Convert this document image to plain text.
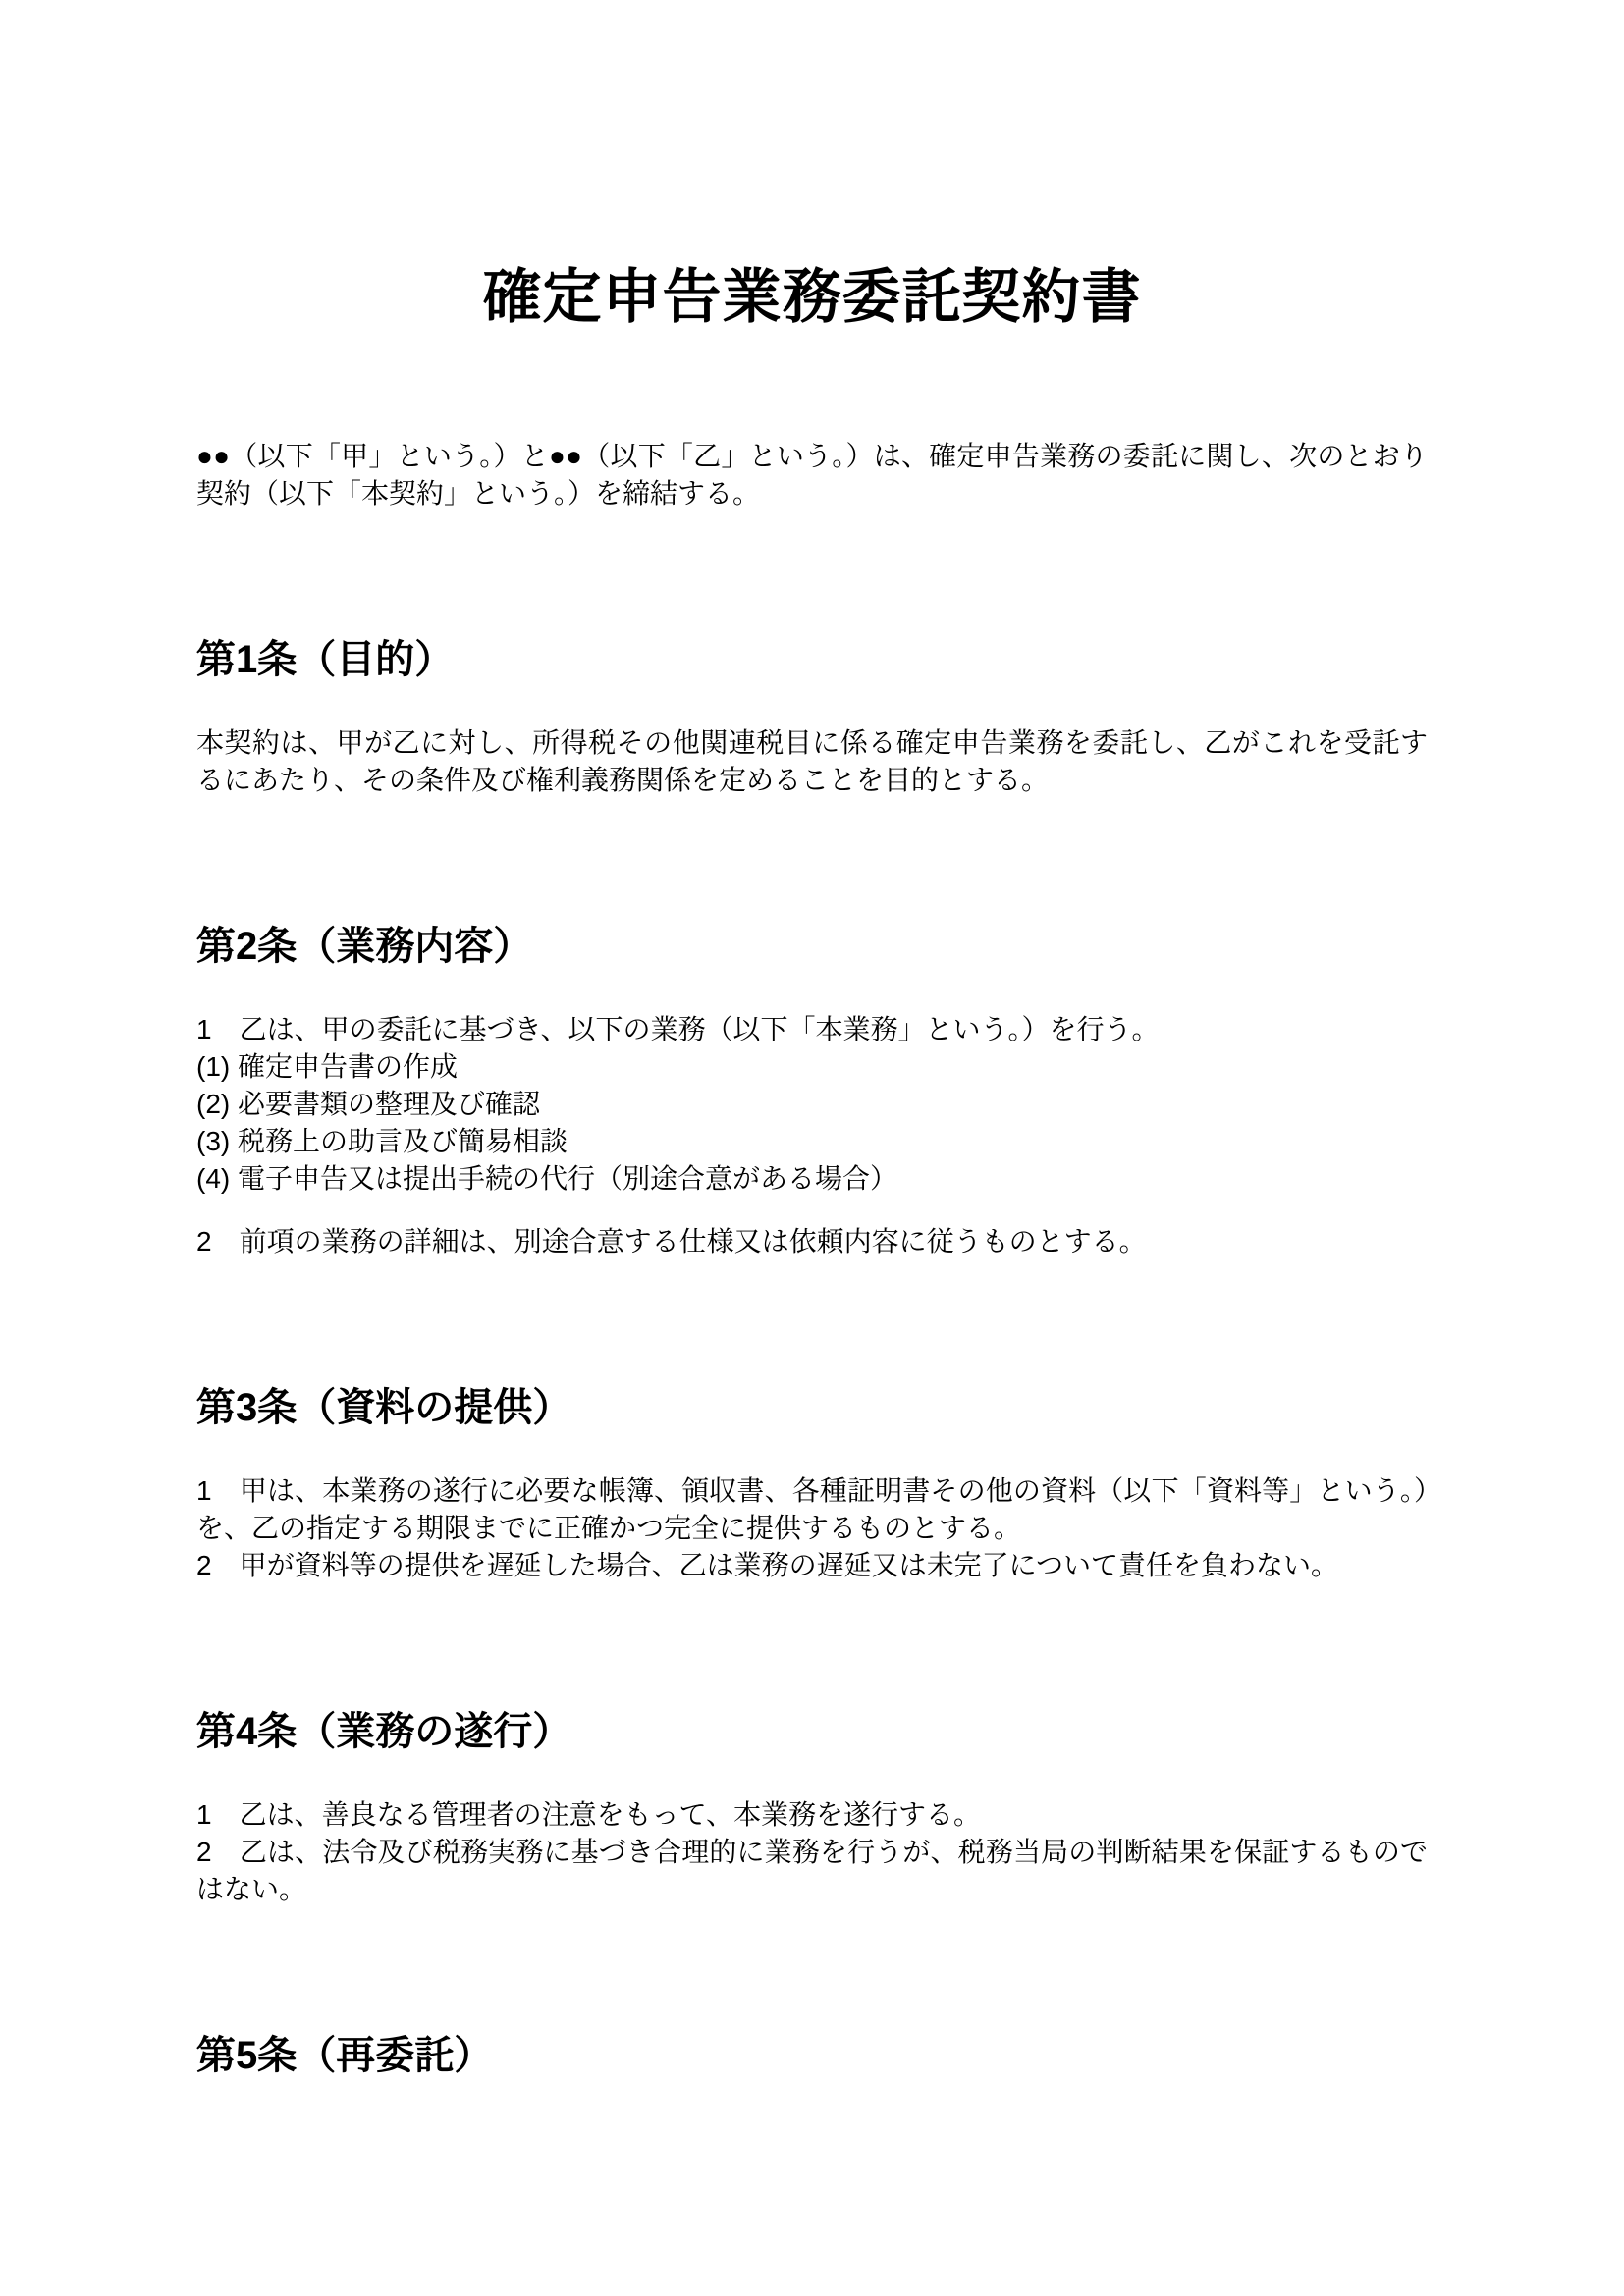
確定申告業務委託契約書

●●（以下「甲」という。）と●●（以下「乙」という。）は、確定申告業務の委託に関し、次のとおり契約（以下「本契約」という。）を締結する。

第1条（目的）

本契約は、甲が乙に対し、所得税その他関連税目に係る確定申告業務を委託し、乙がこれを受託するにあたり、その条件及び権利義務関係を定めることを目的とする。

第2条（業務内容）

1　乙は、甲の委託に基づき、以下の業務（以下「本業務」という。）を行う。

(1) 確定申告書の作成

(2) 必要書類の整理及び確認

(3) 税務上の助言及び簡易相談

(4) 電子申告又は提出手続の代行（別途合意がある場合）

2　前項の業務の詳細は、別途合意する仕様又は依頼内容に従うものとする。

第3条（資料の提供）

1　甲は、本業務の遂行に必要な帳簿、領収書、各種証明書その他の資料（以下「資料等」という。）を、乙の指定する期限までに正確かつ完全に提供するものとする。

2　甲が資料等の提供を遅延した場合、乙は業務の遅延又は未完了について責任を負わない。

第4条（業務の遂行）

1　乙は、善良なる管理者の注意をもって、本業務を遂行する。

2　乙は、法令及び税務実務に基づき合理的に業務を行うが、税務当局の判断結果を保証するものではない。

第5条（再委託）
